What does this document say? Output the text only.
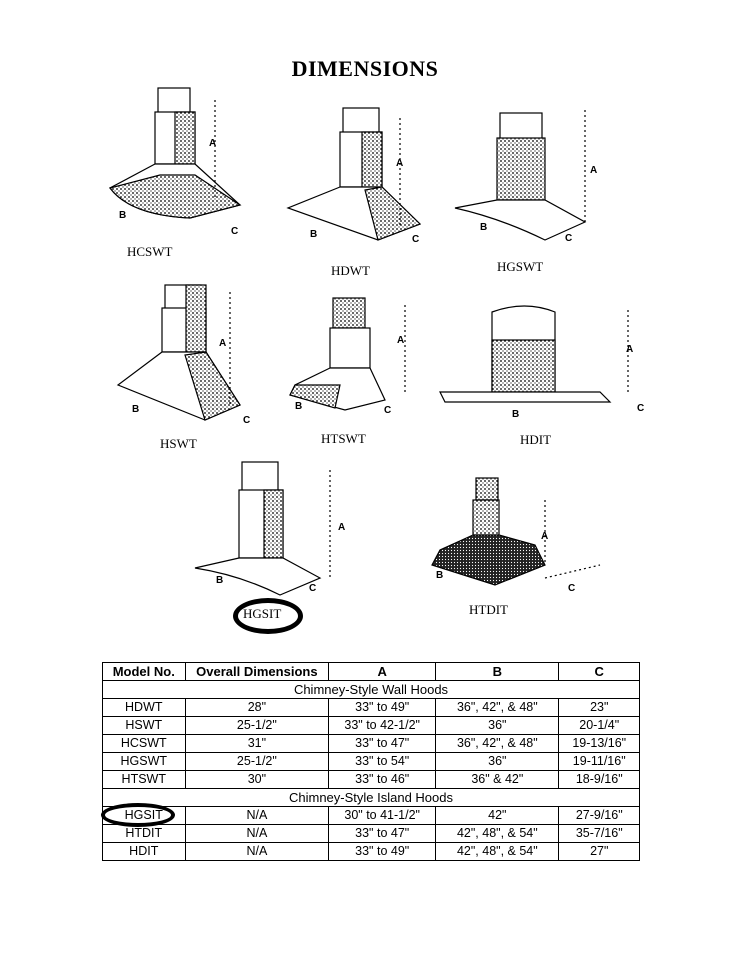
DIMENSIONS
HCSWT
A
B
C
HDWT
A
B	C
HGSWT
A
B
C
HSWT
A
B
C
HTSWT
A
B	C
HDIT
A
B
C
HGSIT
A
B
C
HTDIT
A
B
C
Model No.	Overall Dimensions	A	B	C
Chimney-Style Wall Hoods				
HDWT	28"	33" to 49"	36", 42", & 48"	23"
HSWT	25-1/2"	33" to 42-1/2"	36"	20-1/4"
HCSWT	31"	33" to 47"	36", 42", & 48"	19-13/16"
HGSWT	25-1/2"	33" to 54"	36"	19-11/16"
HTSWT	30"	33" to 46"	36" & 42"	18-9/16"
Chimney-Style Island Hoods				
HGSIT	N/A	30" to 41-1/2"	42"	27-9/16"
HTDIT	N/A	33" to 47"	42", 48", & 54"	35-7/16"
HDIT	N/A	33" to 49"	42", 48", & 54"	27"
